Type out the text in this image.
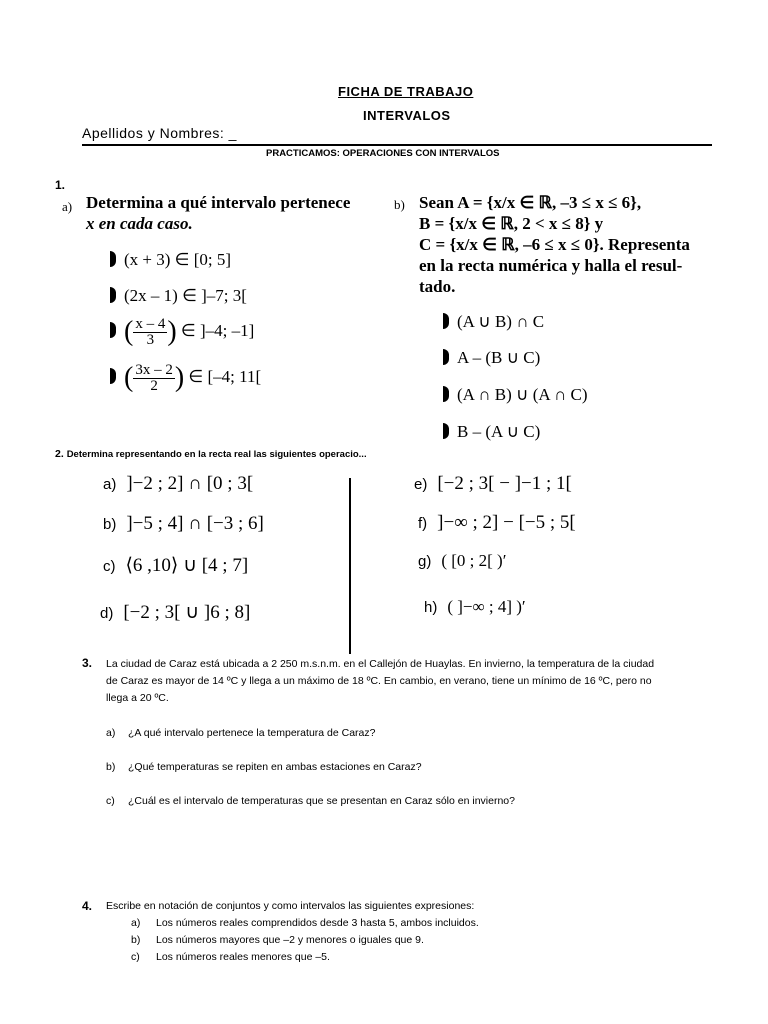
FICHA DE TRABAJO
INTERVALOS
Apellidos y Nombres: _
PRACTICAMOS: OPERACIONES CON INTERVALOS
1.
a) Determina a qué intervalo pertenece
x en cada caso.
(x + 3) ∈ [0; 5]
(2x – 1) ∈ ]–7; 3[
( $\frac{x - 4}{3}$ ) ∈ ]–4; –1]
( $\frac{3x - 2}{2}$ ) ∈ [–4; 11[
b) Sean A = {x/x ∈ ℝ, –3 ≤ x ≤ 6},
B = {x/x ∈ ℝ, 2 < x ≤ 8} y
C = {x/x ∈ ℝ, –6 ≤ x ≤ 0}. Representa
en la recta numérica y halla el resul-
tado.
(A ∪ B) ∩ C
A – (B ∪ C)
(A ∩ B) ∪ (A ∩ C)
B – (A ∪ C)
2. Determina representando en la recta real las siguientes operacio...
a) ]−2 ; 2] ∩ [0 ; 3[
b) ]−5 ; 4] ∩ [−3 ; 6]
c) ⟨6 ,10⟩ ∪ [4 ; 7]
d) [−2 ; 3[ ∪ ]6 ; 8]
e) [−2 ; 3[ − ]−1 ; 1[
f) ]−∞ ; 2] − [−5 ; 5[
g) ( [0 ; 2[ )′
h) ( ]−∞ ; 4] )′
3. La ciudad de Caraz está ubicada a 2 250 m.s.n.m. en el Callejón de Huaylas. En invierno, la temperatura de la ciudad
de Caraz es mayor de 14 ºC y llega a un máximo de 18 ºC. En cambio, en verano, tiene un mínimo de 16 ºC, pero no
llega a 20 ºC.
a) ¿A qué intervalo pertenece la temperatura de Caraz?
b) ¿Qué temperaturas se repiten en ambas estaciones en Caraz?
c) ¿Cuál es el intervalo de temperaturas que se presentan en Caraz sólo en invierno?
4. Escribe en notación de conjuntos y como intervalos las siguientes expresiones:
a) Los números reales comprendidos desde 3 hasta 5, ambos incluidos.
b) Los números mayores que –2 y menores o iguales que 9.
c) Los números reales menores que –5.
